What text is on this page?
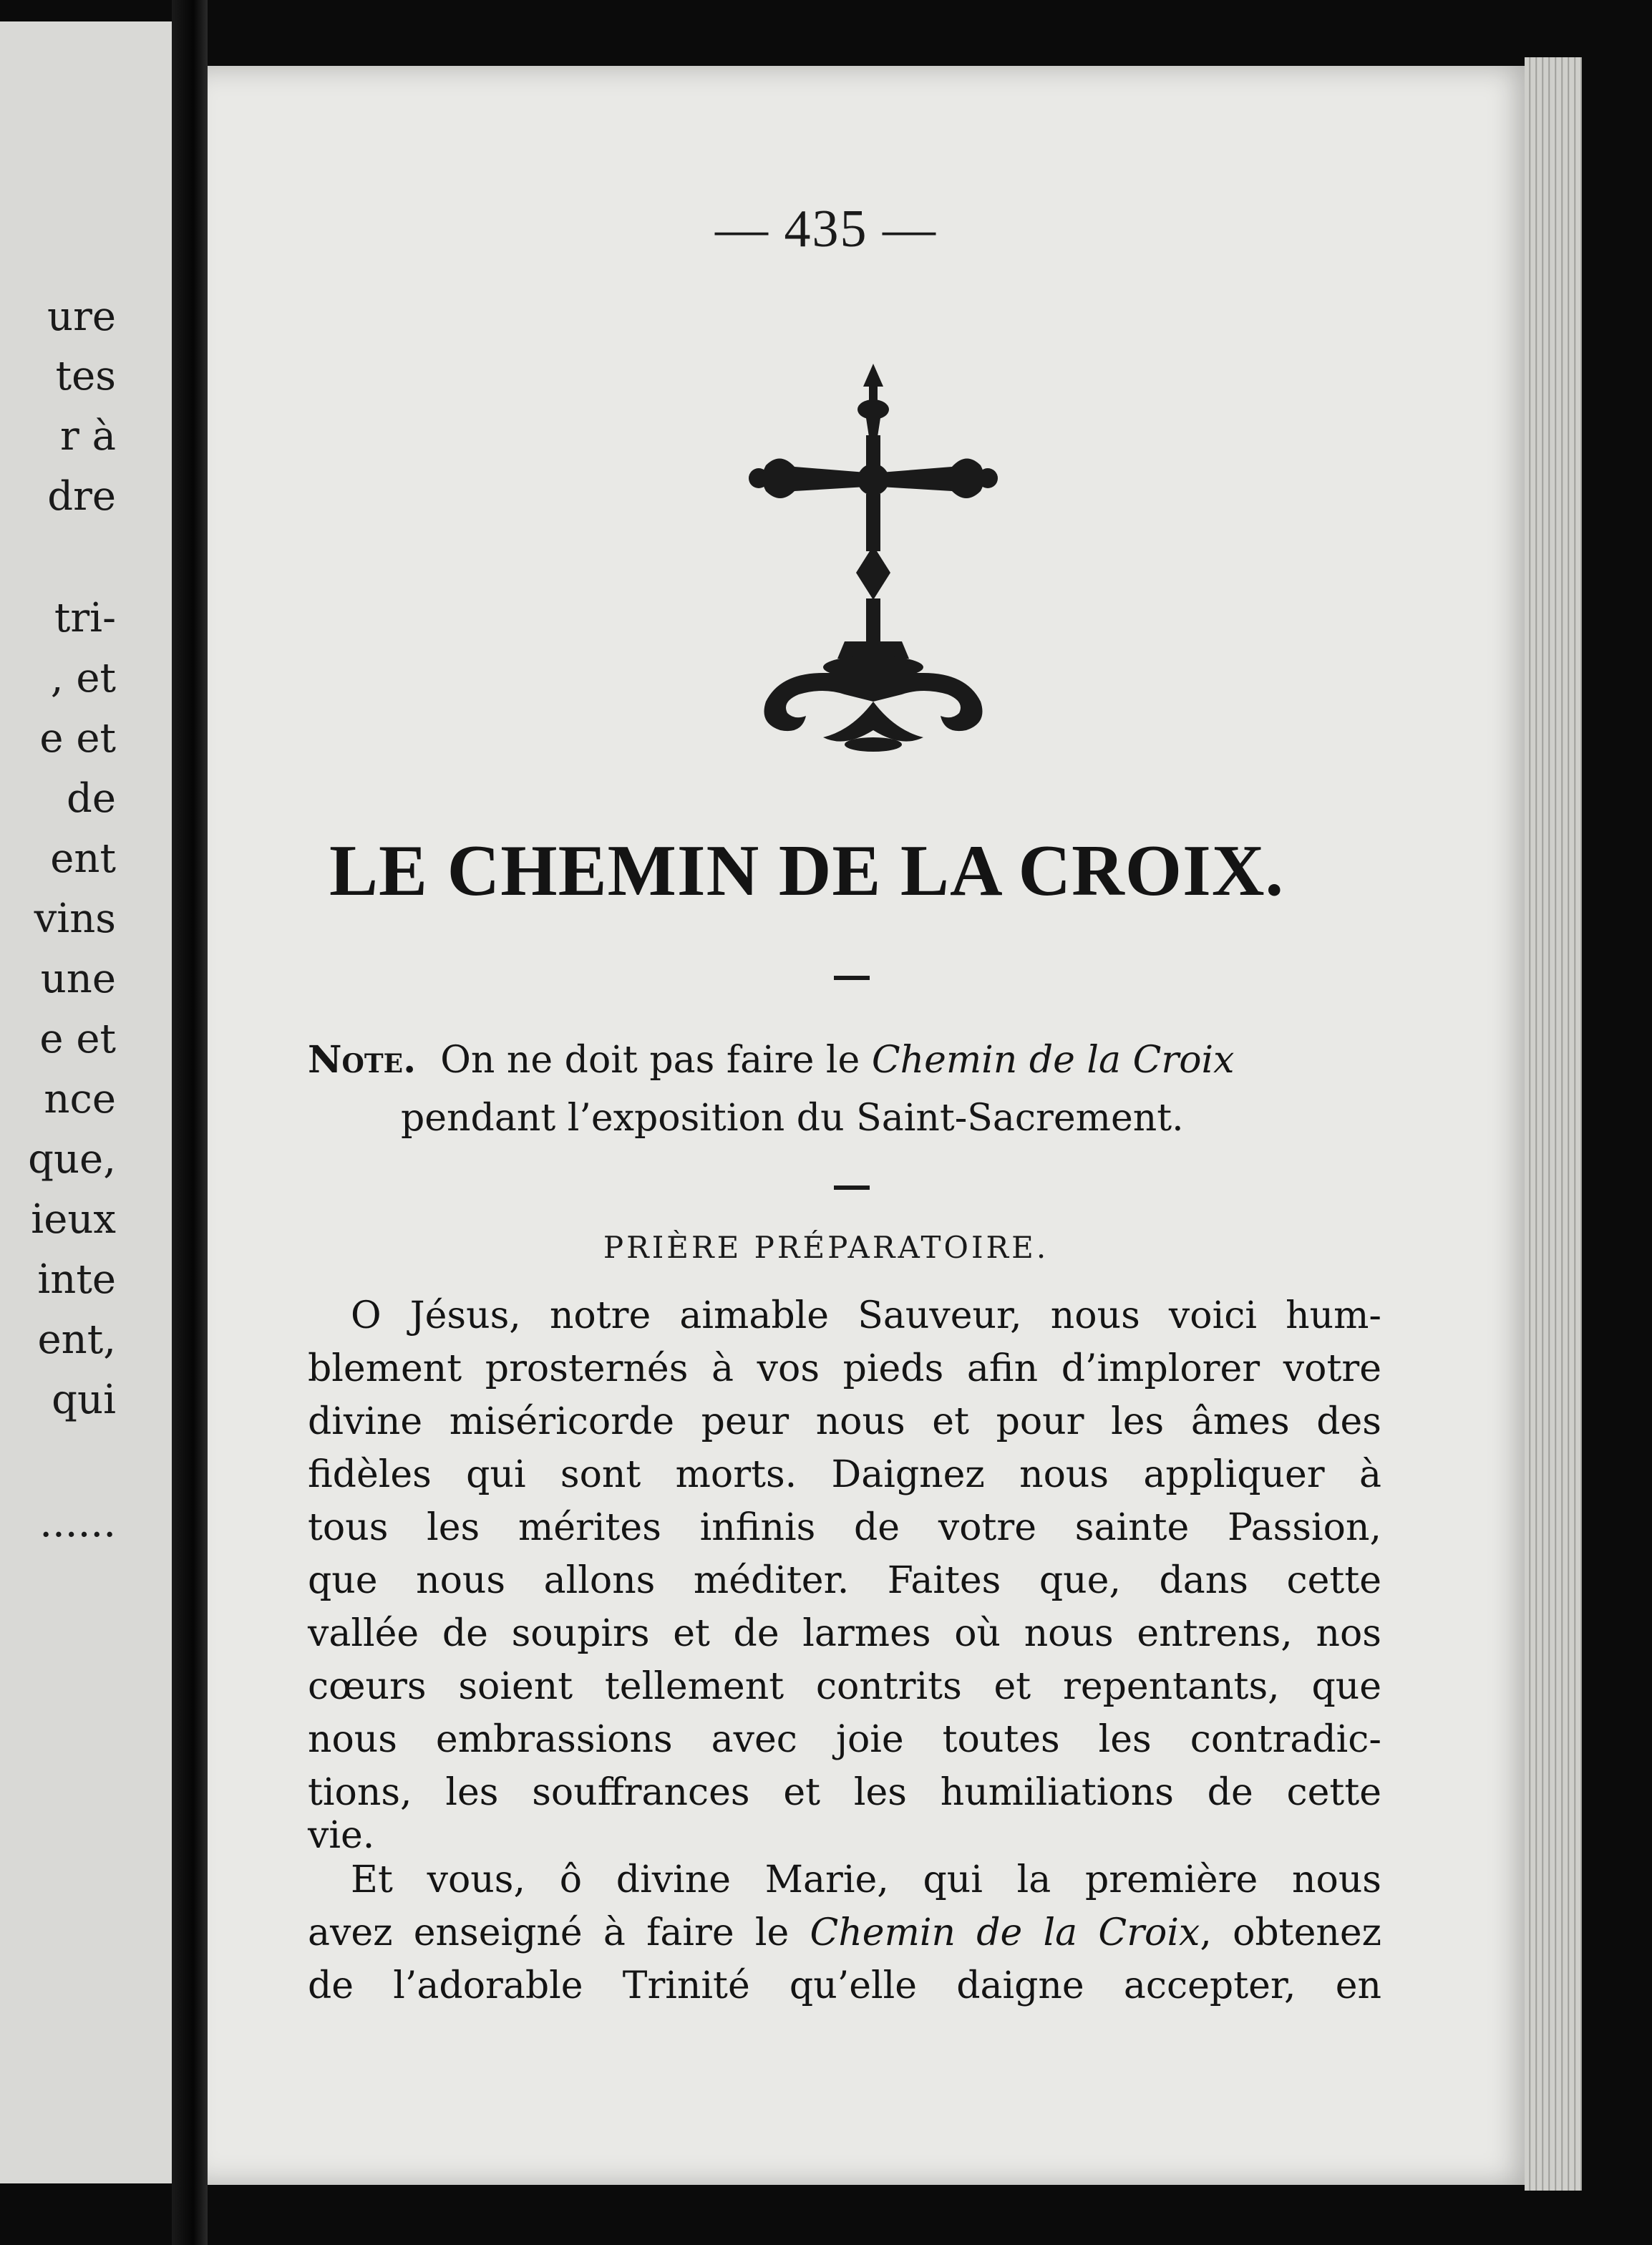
ure
tes
r à
dre
tri-
, et
e et
de
ent
vins
une
e et
nce
que,
ieux
inte
ent,
qui
......
— 435 —
LE CHEMIN DE LA CROIX.
Note. On ne doit pas faire le Chemin de la Croix
pendant l’exposition du Saint-Sacrement.
PRIÈRE PRÉPARATOIRE.
O Jésus, notre aimable Sauveur, nous voici hum-
blement prosternés à vos pieds afin d’implorer votre
divine miséricorde peur nous et pour les âmes des
fidèles qui sont morts. Daignez nous appliquer à
tous les mérites infinis de votre sainte Passion,
que nous allons méditer. Faites que, dans cette
vallée de soupirs et de larmes où nous entrens, nos
cœurs soient tellement contrits et repentants, que
nous embrassions avec joie toutes les contradic-
tions, les souffrances et les humiliations de cette
vie.
Et vous, ô divine Marie, qui la première nous
avez enseigné à faire le Chemin de la Croix, obtenez
de l’adorable Trinité qu’elle daigne accepter, en
